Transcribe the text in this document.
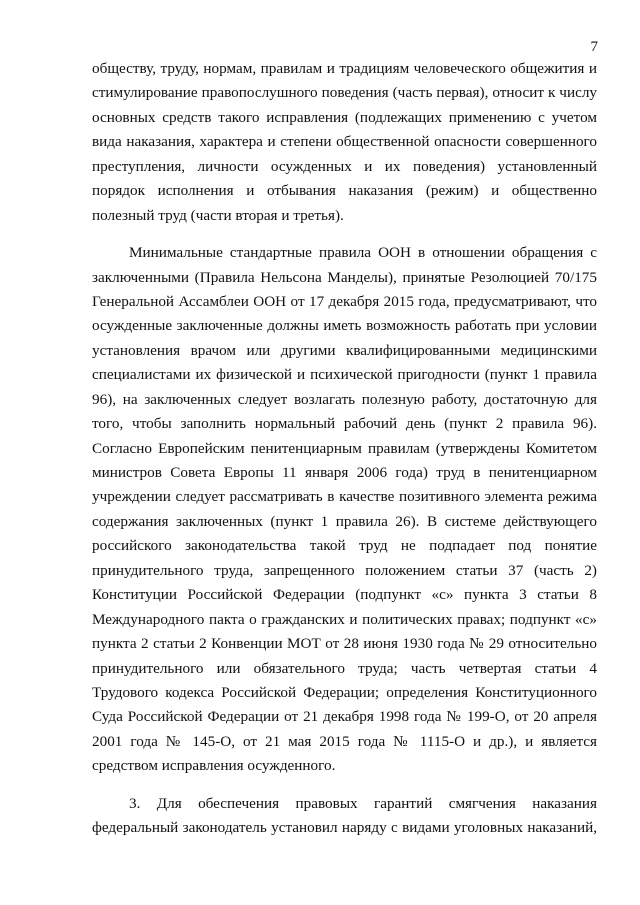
7

обществу, труду, нормам, правилам и традициям человеческого общежития и
стимулирование правопослушного поведения (часть первая), относит к числу
основных средств такого исправления (подлежащих применению с учетом
вида наказания, характера и степени общественной опасности совершенного
преступления, личности осужденных и их поведения) установленный
порядок исполнения и отбывания наказания (режим) и общественно
полезный труд (части вторая и третья).
Минимальные стандартные правила ООН в отношении обращения с
заключенными (Правила Нельсона Манделы), принятые Резолюцией 70/175
Генеральной Ассамблеи ООН от 17 декабря 2015 года, предусматривают, что
осужденные заключенные должны иметь возможность работать при условии
установления врачом или другими квалифицированными медицинскими
специалистами их физической и психической пригодности (пункт 1 правила
96), на заключенных следует возлагать полезную работу, достаточную для
того, чтобы заполнить нормальный рабочий день (пункт 2 правила 96).
Согласно Европейским пенитенциарным правилам (утверждены Комитетом
министров Совета Европы 11 января 2006 года) труд в пенитенциарном
учреждении следует рассматривать в качестве позитивного элемента режима
содержания заключенных (пункт 1 правила 26). В системе действующего
российского законодательства такой труд не подпадает под понятие
принудительного труда, запрещенного положением статьи 37 (часть 2)
Конституции Российской Федерации (подпункт «с» пункта 3 статьи 8
Международного пакта о гражданских и политических правах; подпункт «с»
пункта 2 статьи 2 Конвенции МОТ от 28 июня 1930 года № 29 относительно
принудительного или обязательного труда; часть четвертая статьи 4
Трудового кодекса Российской Федерации; определения Конституционного
Суда Российской Федерации от 21 декабря 1998 года № 199-О, от 20 апреля
2001 года № 145-О, от 21 мая 2015 года № 1115-О и др.), и является
средством исправления осужденного.
3. Для обеспечения правовых гарантий смягчения наказания
федеральный законодатель установил наряду с видами уголовных наказаний,
